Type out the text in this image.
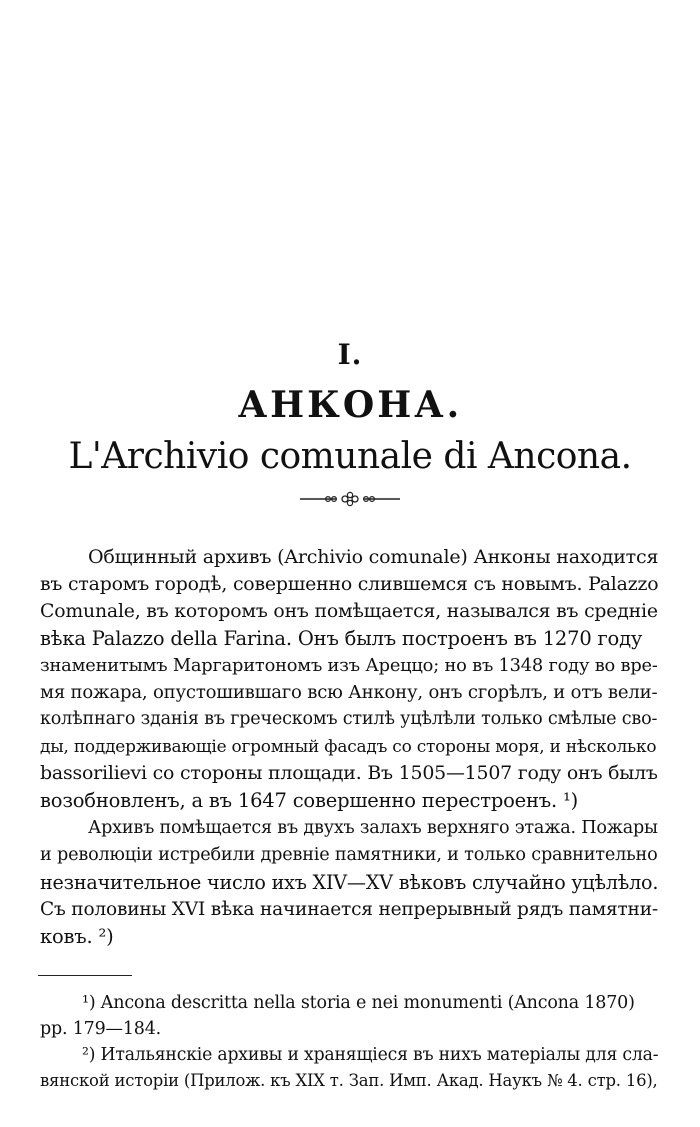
I.
АНКОНА.
L'Archivio comunale di Ancona.
Общинный архивъ (Archivio comunale) Анконы находится
въ старомъ городѣ, совершенно слившемся съ новымъ. Palazzo
Comunale, въ которомъ онъ помѣщается, назывался въ средніе
вѣка Palazzo della Farina. Онъ былъ построенъ въ 1270 году
знаменитымъ Маргаритономъ изъ Ареццо; но въ 1348 году во вре-
мя пожара, опустошившаго всю Анкону, онъ сгорѣлъ, и отъ вели-
колѣпнаго зданія въ греческомъ стилѣ уцѣлѣли только смѣлые сво-
ды, поддерживающіе огромный фасадъ со стороны моря, и нѣсколько
bassorilievi со стороны площади. Въ 1505—1507 году онъ былъ
возобновленъ, а въ 1647 совершенно перестроенъ. ¹)
Архивъ помѣщается въ двухъ залахъ верхняго этажа. Пожары
и революціи истребили древніе памятники, и только сравнительно
незначительное число ихъ XIV—XV вѣковъ случайно уцѣлѣло.
Съ половины XVI вѣка начинается непрерывный рядъ памятни-
ковъ. ²)
¹) Ancona descritta nella storia e nei monumenti (Ancona 1870)
pp. 179—184.
²) Итальянскіе архивы и хранящіеся въ нихъ матеріалы для сла-
вянской исторіи (Прилож. къ XIX т. Зап. Имп. Акад. Наукъ № 4. стр. 16),
